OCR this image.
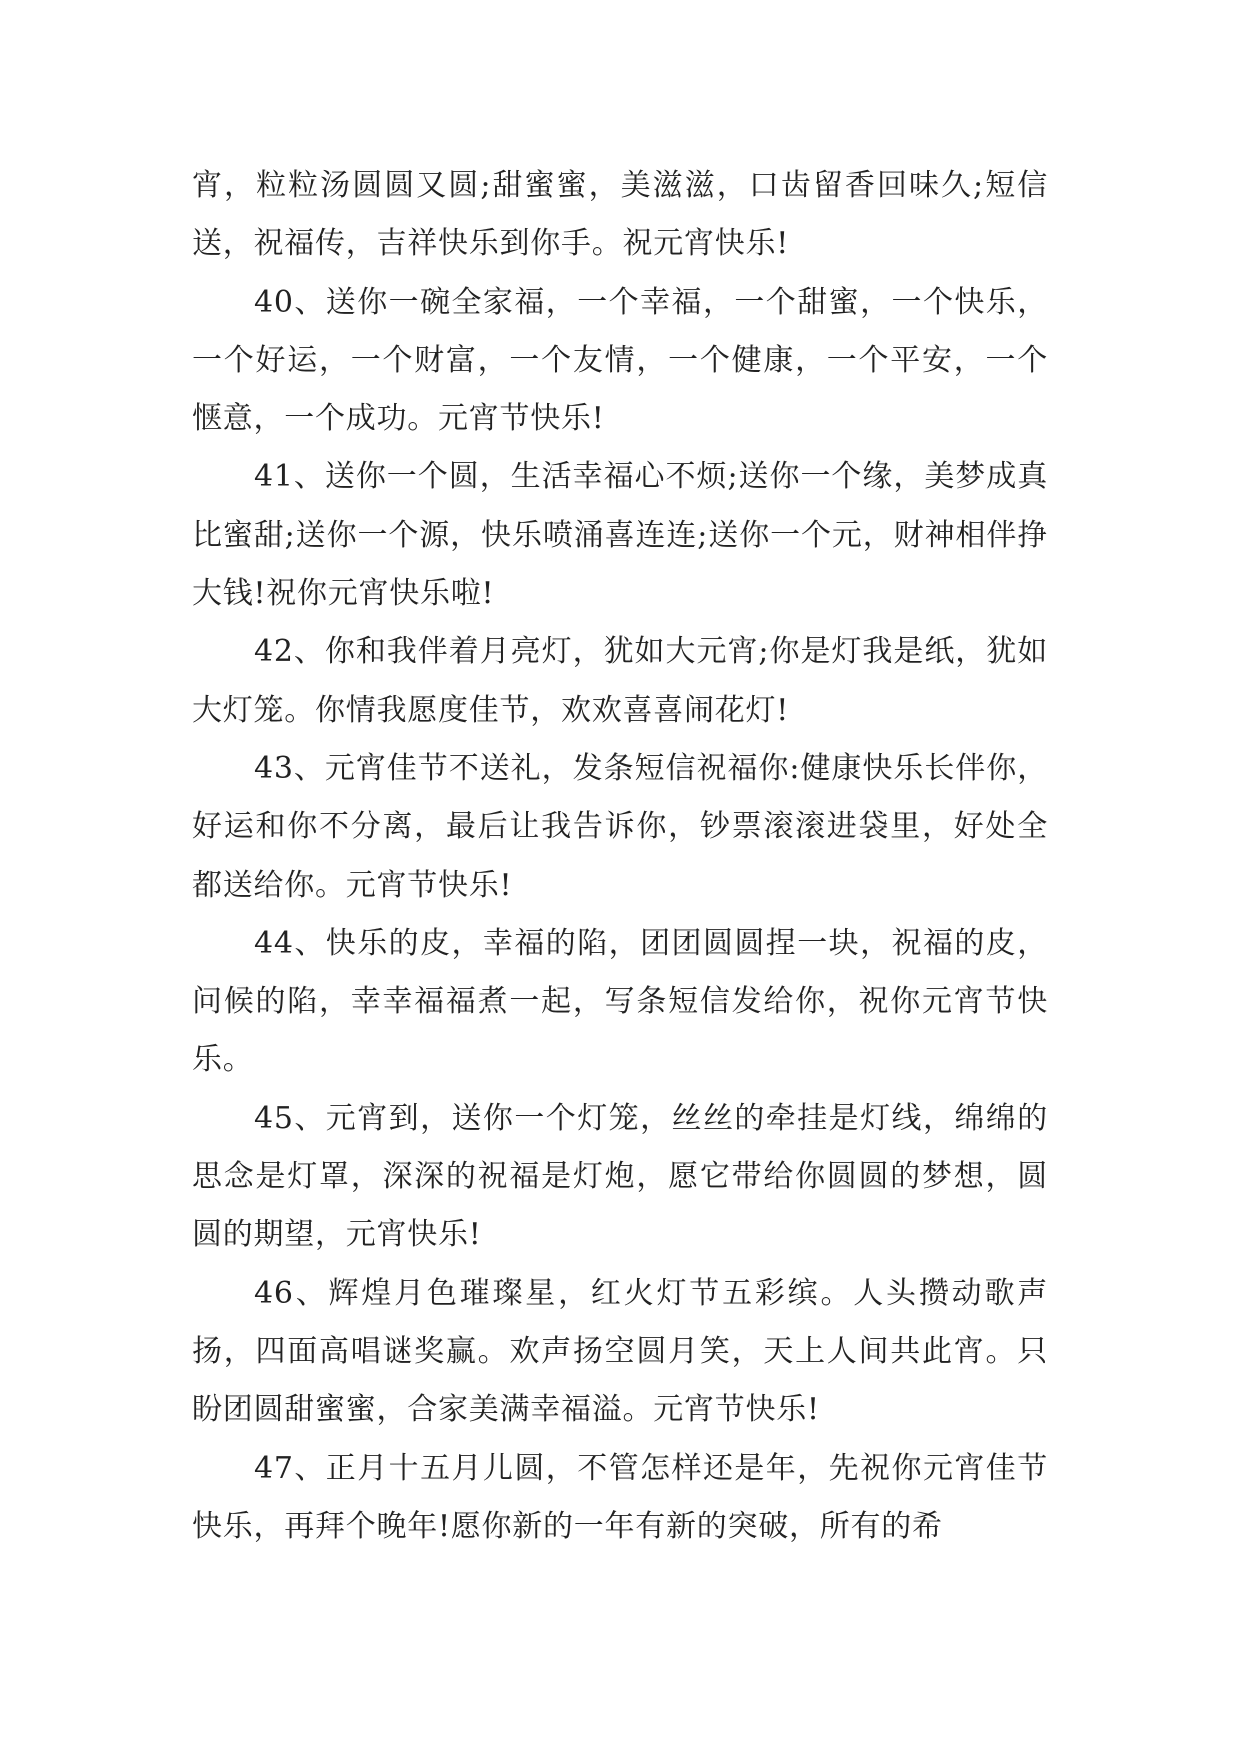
宵，粒粒汤圆圆又圆;甜蜜蜜，美滋滋，口齿留香回味久;短信送，祝福传，吉祥快乐到你手。祝元宵快乐!

40、送你一碗全家福，一个幸福，一个甜蜜，一个快乐，一个好运，一个财富，一个友情，一个健康，一个平安，一个惬意，一个成功。元宵节快乐!

41、送你一个圆，生活幸福心不烦;送你一个缘，美梦成真比蜜甜;送你一个源，快乐喷涌喜连连;送你一个元，财神相伴挣大钱!祝你元宵快乐啦!

42、你和我伴着月亮灯，犹如大元宵;你是灯我是纸，犹如大灯笼。你情我愿度佳节，欢欢喜喜闹花灯!

43、元宵佳节不送礼，发条短信祝福你:健康快乐长伴你，好运和你不分离，最后让我告诉你，钞票滚滚进袋里，好处全都送给你。元宵节快乐!

44、快乐的皮，幸福的陷，团团圆圆捏一块，祝福的皮，问候的陷，幸幸福福煮一起，写条短信发给你，祝你元宵节快乐。

45、元宵到，送你一个灯笼，丝丝的牵挂是灯线，绵绵的思念是灯罩，深深的祝福是灯炮，愿它带给你圆圆的梦想，圆圆的期望，元宵快乐!

46、辉煌月色璀璨星，红火灯节五彩缤。人头攒动歌声扬，四面高唱谜奖赢。欢声扬空圆月笑，天上人间共此宵。只盼团圆甜蜜蜜，合家美满幸福溢。元宵节快乐!

47、正月十五月儿圆，不管怎样还是年，先祝你元宵佳节快乐，再拜个晚年!愿你新的一年有新的突破，所有的希
